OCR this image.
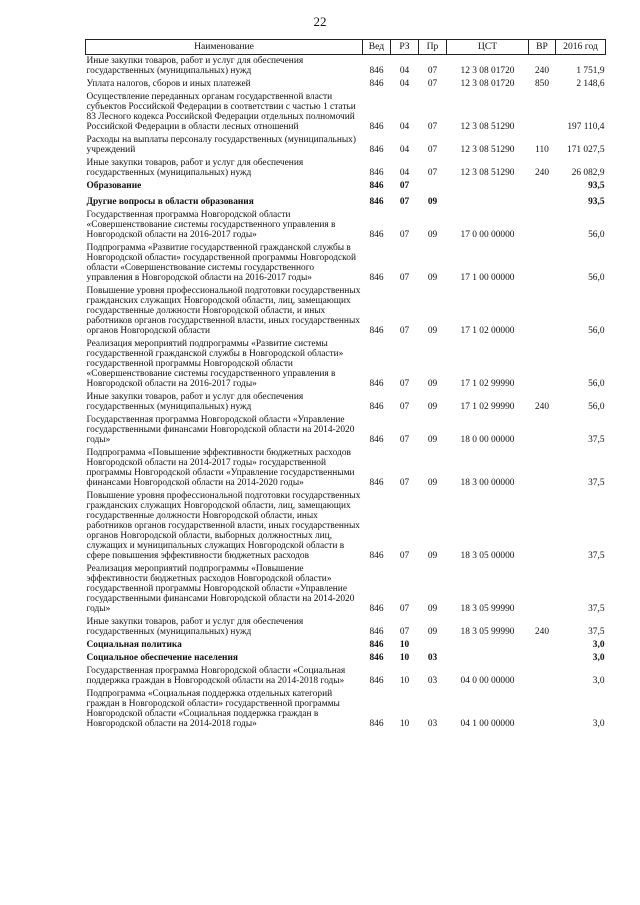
22
Наименование	Вед	РЗ	Пр	ЦСТ	ВР	2016 год
Иные закупки товаров, работ и услуг для обеспечения государственных (муниципальных) нужд	846	04	07	12 3 08 01720	240	1 751,9
Уплата налогов, сборов и иных платежей	846	04	07	12 3 08 01720	850	2 148,6
Осуществление переданных органам государственной власти субъектов Российской Федерации в соответствии с частью 1 статьи 83 Лесного кодекса Российской Федерации отдельных полномочий Российской Федерации в области лесных отношений	846	04	07	12 3 08 51290		197 110,4
Расходы на выплаты персоналу государственных (муниципальных) учреждений	846	04	07	12 3 08 51290	110	171 027,5
Иные закупки товаров, работ и услуг для обеспечения государственных (муниципальных) нужд	846	04	07	12 3 08 51290	240	26 082,9
Образование	846	07				93,5
Другие вопросы в области образования	846	07	09			93,5
Государственная программа Новгородской области «Совершенствование системы государственного управления в Новгородской области на 2016-2017 годы»	846	07	09	17 0 00 00000		56,0
Подпрограмма «Развитие государственной гражданской службы в Новгородской области» государственной программы Новгородской области «Совершенствование системы государственного управления в Новгородской области на 2016-2017 годы»	846	07	09	17 1 00 00000		56,0
Повышение уровня профессиональной подготовки государственных гражданских служащих Новгородской области, лиц, замещающих государственные должности Новгородской области, и иных работников органов государственной власти, иных государственных органов Новгородской области	846	07	09	17 1 02 00000		56,0
Реализация мероприятий подпрограммы «Развитие системы государственной гражданской службы в Новгородской области» государственной программы Новгородской области «Совершенствование системы государственного управления в Новгородской области на 2016-2017 годы»	846	07	09	17 1 02 99990		56,0
Иные закупки товаров, работ и услуг для обеспечения государственных (муниципальных) нужд	846	07	09	17 1 02 99990	240	56,0
Государственная программа Новгородской области «Управление государственными финансами Новгородской области на 2014-2020 годы»	846	07	09	18 0 00 00000		37,5
Подпрограмма «Повышение эффективности бюджетных расходов Новгородской области на 2014-2017 годы» государственной программы Новгородской области «Управление государственными финансами Новгородской области на 2014-2020 годы»	846	07	09	18 3 00 00000		37,5
Повышение уровня профессиональной подготовки государственных гражданских служащих Новгородской области, лиц, замещающих государственные должности Новгородской области, иных работников органов государственной власти, иных государственных органов Новгородской области, выборных должностных лиц, служащих и муниципальных служащих Новгородской области в сфере повышения эффективности бюджетных расходов	846	07	09	18 3 05 00000		37,5
Реализация мероприятий подпрограммы «Повышение эффективности бюджетных расходов Новгородской области» государственной программы Новгородской области «Управление государственными финансами Новгородской области на 2014-2020 годы»	846	07	09	18 3 05 99990		37,5
Иные закупки товаров, работ и услуг для обеспечения государственных (муниципальных) нужд	846	07	09	18 3 05 99990	240	37,5
Социальная политика	846	10				3,0
Социальное обеспечение населения	846	10	03			3,0
Государственная программа Новгородской области «Социальная поддержка граждан в Новгородской области на 2014-2018 годы»	846	10	03	04 0 00 00000		3,0
Подпрограмма «Социальная поддержка отдельных категорий граждан в Новгородской области» государственной программы Новгородской области «Социальная поддержка граждан в Новгородской области на 2014-2018 годы»	846	10	03	04 1 00 00000		3,0
